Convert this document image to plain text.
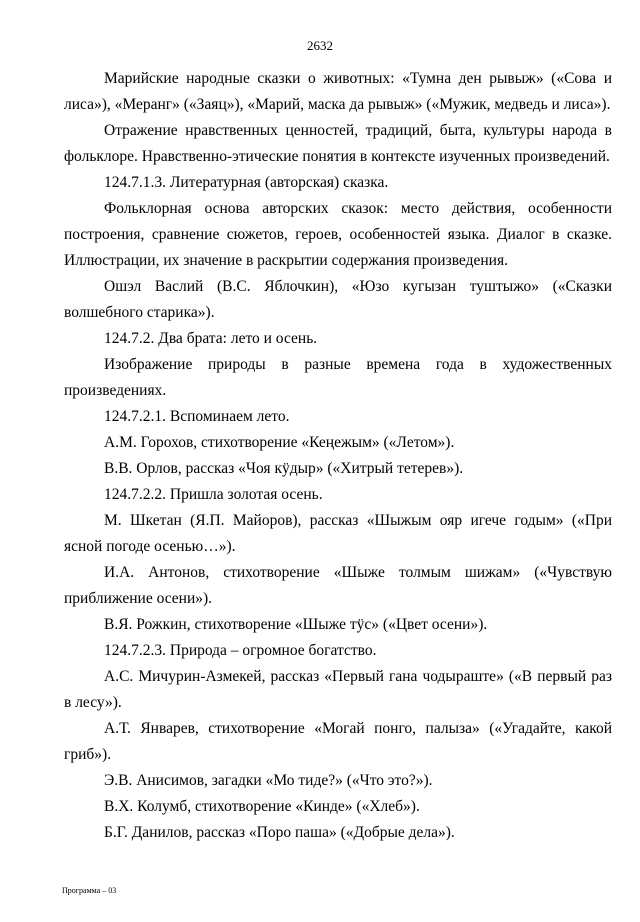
2632

Марийские народные сказки о животных: «Тумна ден рывыж» («Сова и лиса»), «Меранг» («Заяц»), «Марий, маска да рывыж» («Мужик, медведь и лиса»).

Отражение нравственных ценностей, традиций, быта, культуры народа в фольклоре. Нравственно-этические понятия в контексте изученных произведений.

124.7.1.3. Литературная (авторская) сказка.

Фольклорная основа авторских сказок: место действия, особенности построения, сравнение сюжетов, героев, особенностей языка. Диалог в сказке. Иллюстрации, их значение в раскрытии содержания произведения.

Ошэл Васлий (В.С. Яблочкин), «Юзо кугызан туштыжо» («Сказки волшебного старика»).

124.7.2. Два брата: лето и осень.

Изображение природы в разные времена года в художественных произведениях.

124.7.2.1. Вспоминаем лето.

А.М. Горохов, стихотворение «Кеңежым» («Летом»).

В.В. Орлов, рассказ «Чоя кӱдыр» («Хитрый тетерев»).

124.7.2.2. Пришла золотая осень.

М. Шкетан (Я.П. Майоров), рассказ «Шыжым ояр игече годым» («При ясной погоде осенью…»).

И.А. Антонов, стихотворение «Шыже толмым шижам» («Чувствую приближение осени»).

В.Я. Рожкин, стихотворение «Шыже тӱс» («Цвет осени»).

124.7.2.3. Природа – огромное богатство.

А.С. Мичурин-Азмекей, рассказ «Первый гана чодыраште» («В первый раз в лесу»).

А.Т. Январев, стихотворение «Могай понго, палыза» («Угадайте, какой гриб»).

Э.В. Анисимов, загадки «Мо тиде?» («Что это?»).

В.Х. Колумб, стихотворение «Кинде» («Хлеб»).

Б.Г. Данилов, рассказ «Поро паша» («Добрые дела»).

Программа – 03
